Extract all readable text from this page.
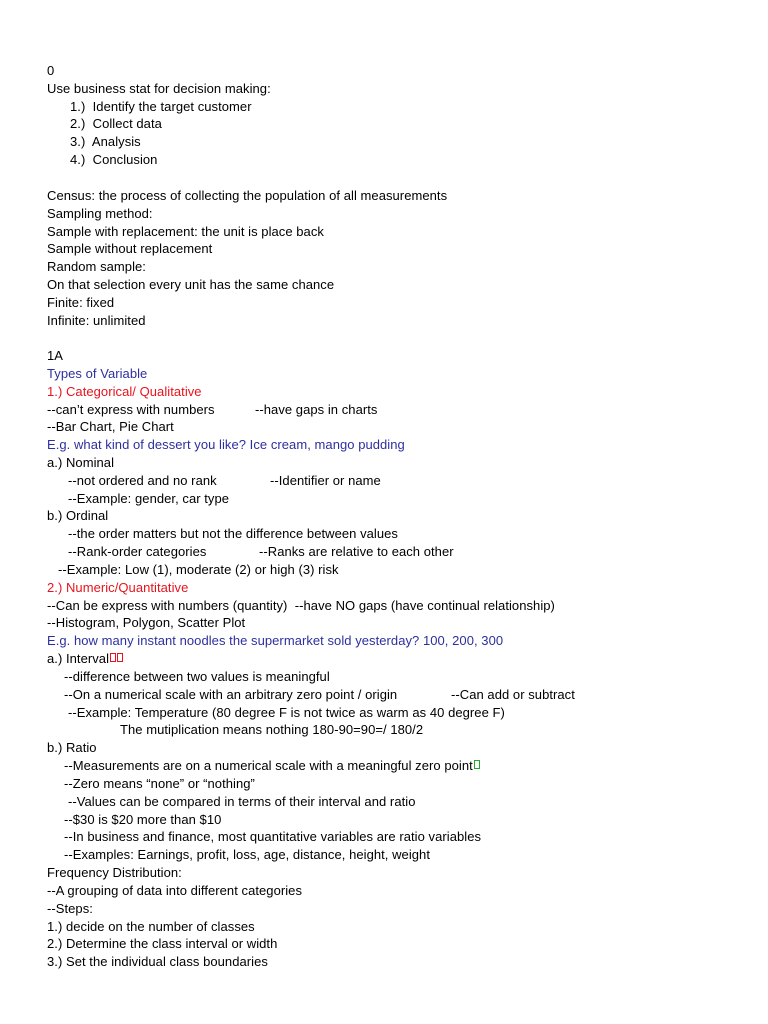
0
Use business stat for decision making:
1.)  Identify the target customer
2.)  Collect data
3.)  Analysis
4.)  Conclusion
Census: the process of collecting the population of all measurements
Sampling method:
Sample with replacement: the unit is place back
Sample without replacement
Random sample:
On that selection every unit has the same chance
Finite: fixed
Infinite: unlimited
1A
Types of Variable
1.) Categorical/ Qualitative
--can’t express with numbers	--have gaps in charts
--Bar Chart, Pie Chart
E.g. what kind of dessert you like? Ice cream, mango pudding
a.) Nominal
--not ordered and no rank	--Identifier or name
--Example: gender, car type
b.) Ordinal
--the order matters but not the difference between values
--Rank-order categories	--Ranks are relative to each other
--Example: Low (1), moderate (2) or high (3) risk
2.) Numeric/Quantitative
--Can be express with numbers (quantity)  --have NO gaps (have continual relationship)
--Histogram, Polygon, Scatter Plot
E.g. how many instant noodles the supermarket sold yesterday? 100, 200, 300
a.) Interval
--difference between two values is meaningful
--On a numerical scale with an arbitrary zero point / origin	--Can add or subtract
--Example: Temperature (80 degree F is not twice as warm as 40 degree F)
The mutiplication means nothing 180-90=90=/ 180/2
b.) Ratio
--Measurements are on a numerical scale with a meaningful zero point
--Zero means “none” or “nothing”
--Values can be compared in terms of their interval and ratio
--$30 is $20 more than $10
--In business and finance, most quantitative variables are ratio variables
--Examples: Earnings, profit, loss, age, distance, height, weight
Frequency Distribution:
--A grouping of data into different categories
--Steps:
1.) decide on the number of classes
2.) Determine the class interval or width
3.) Set the individual class boundaries
